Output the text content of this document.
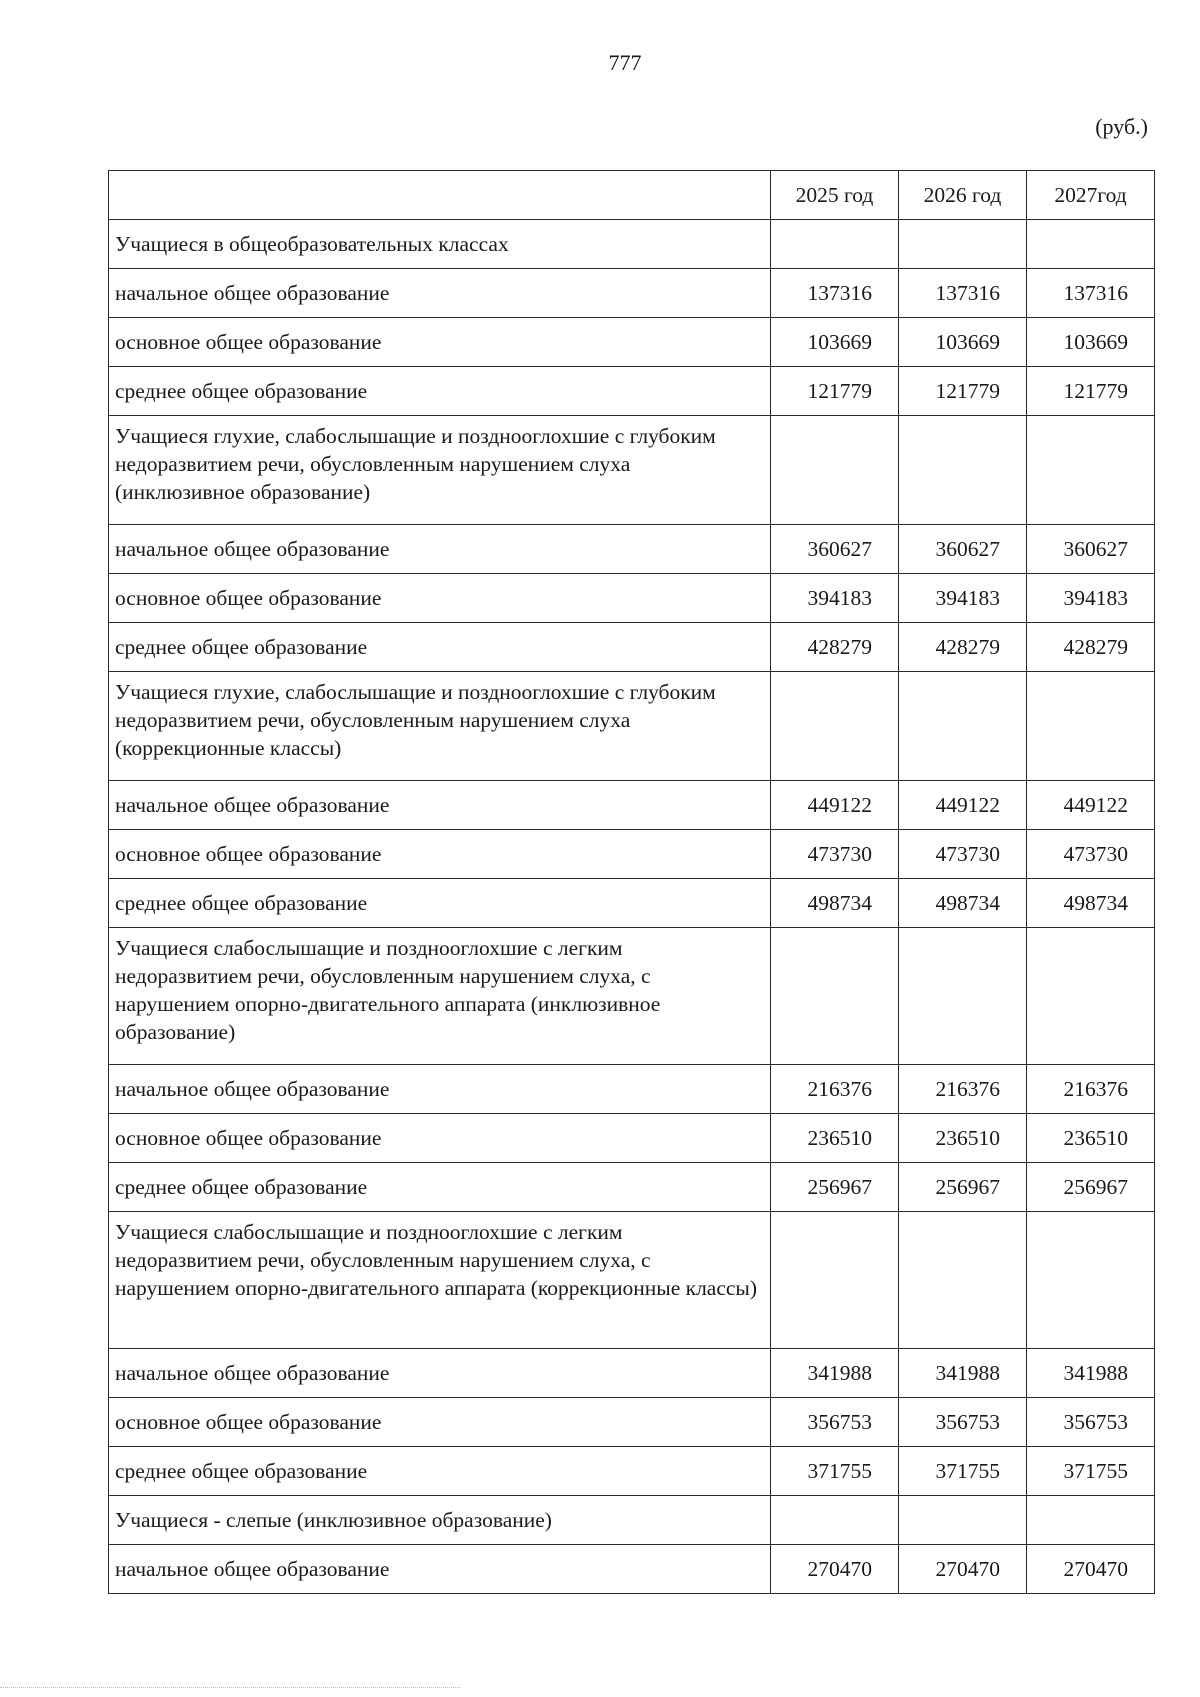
777
(руб.)
	2025 год	2026 год	2027год
Учащиеся в общеобразовательных классах			
начальное общее образование	137316	137316	137316
основное общее образование	103669	103669	103669
среднее общее образование	121779	121779	121779
Учащиеся глухие, слабослышащие и позднооглохшие с глубоким недоразвитием речи, обусловленным нарушением слуха (инклюзивное образование)			
начальное общее образование	360627	360627	360627
основное общее образование	394183	394183	394183
среднее общее образование	428279	428279	428279
Учащиеся глухие, слабослышащие и позднооглохшие с глубоким недоразвитием речи, обусловленным нарушением слуха (коррекционные классы)			
начальное общее образование	449122	449122	449122
основное общее образование	473730	473730	473730
среднее общее образование	498734	498734	498734
Учащиеся слабослышащие и позднооглохшие с легким недоразвитием речи, обусловленным нарушением слуха, с нарушением опорно-двигательного аппарата (инклюзивное образование)			
начальное общее образование	216376	216376	216376
основное общее образование	236510	236510	236510
среднее общее образование	256967	256967	256967
Учащиеся слабослышащие и позднооглохшие с легким недоразвитием речи, обусловленным нарушением слуха, с нарушением опорно-двигательного аппарата (коррекционные классы)			
начальное общее образование	341988	341988	341988
основное общее образование	356753	356753	356753
среднее общее образование	371755	371755	371755
Учащиеся - слепые (инклюзивное образование)			
начальное общее образование	270470	270470	270470
